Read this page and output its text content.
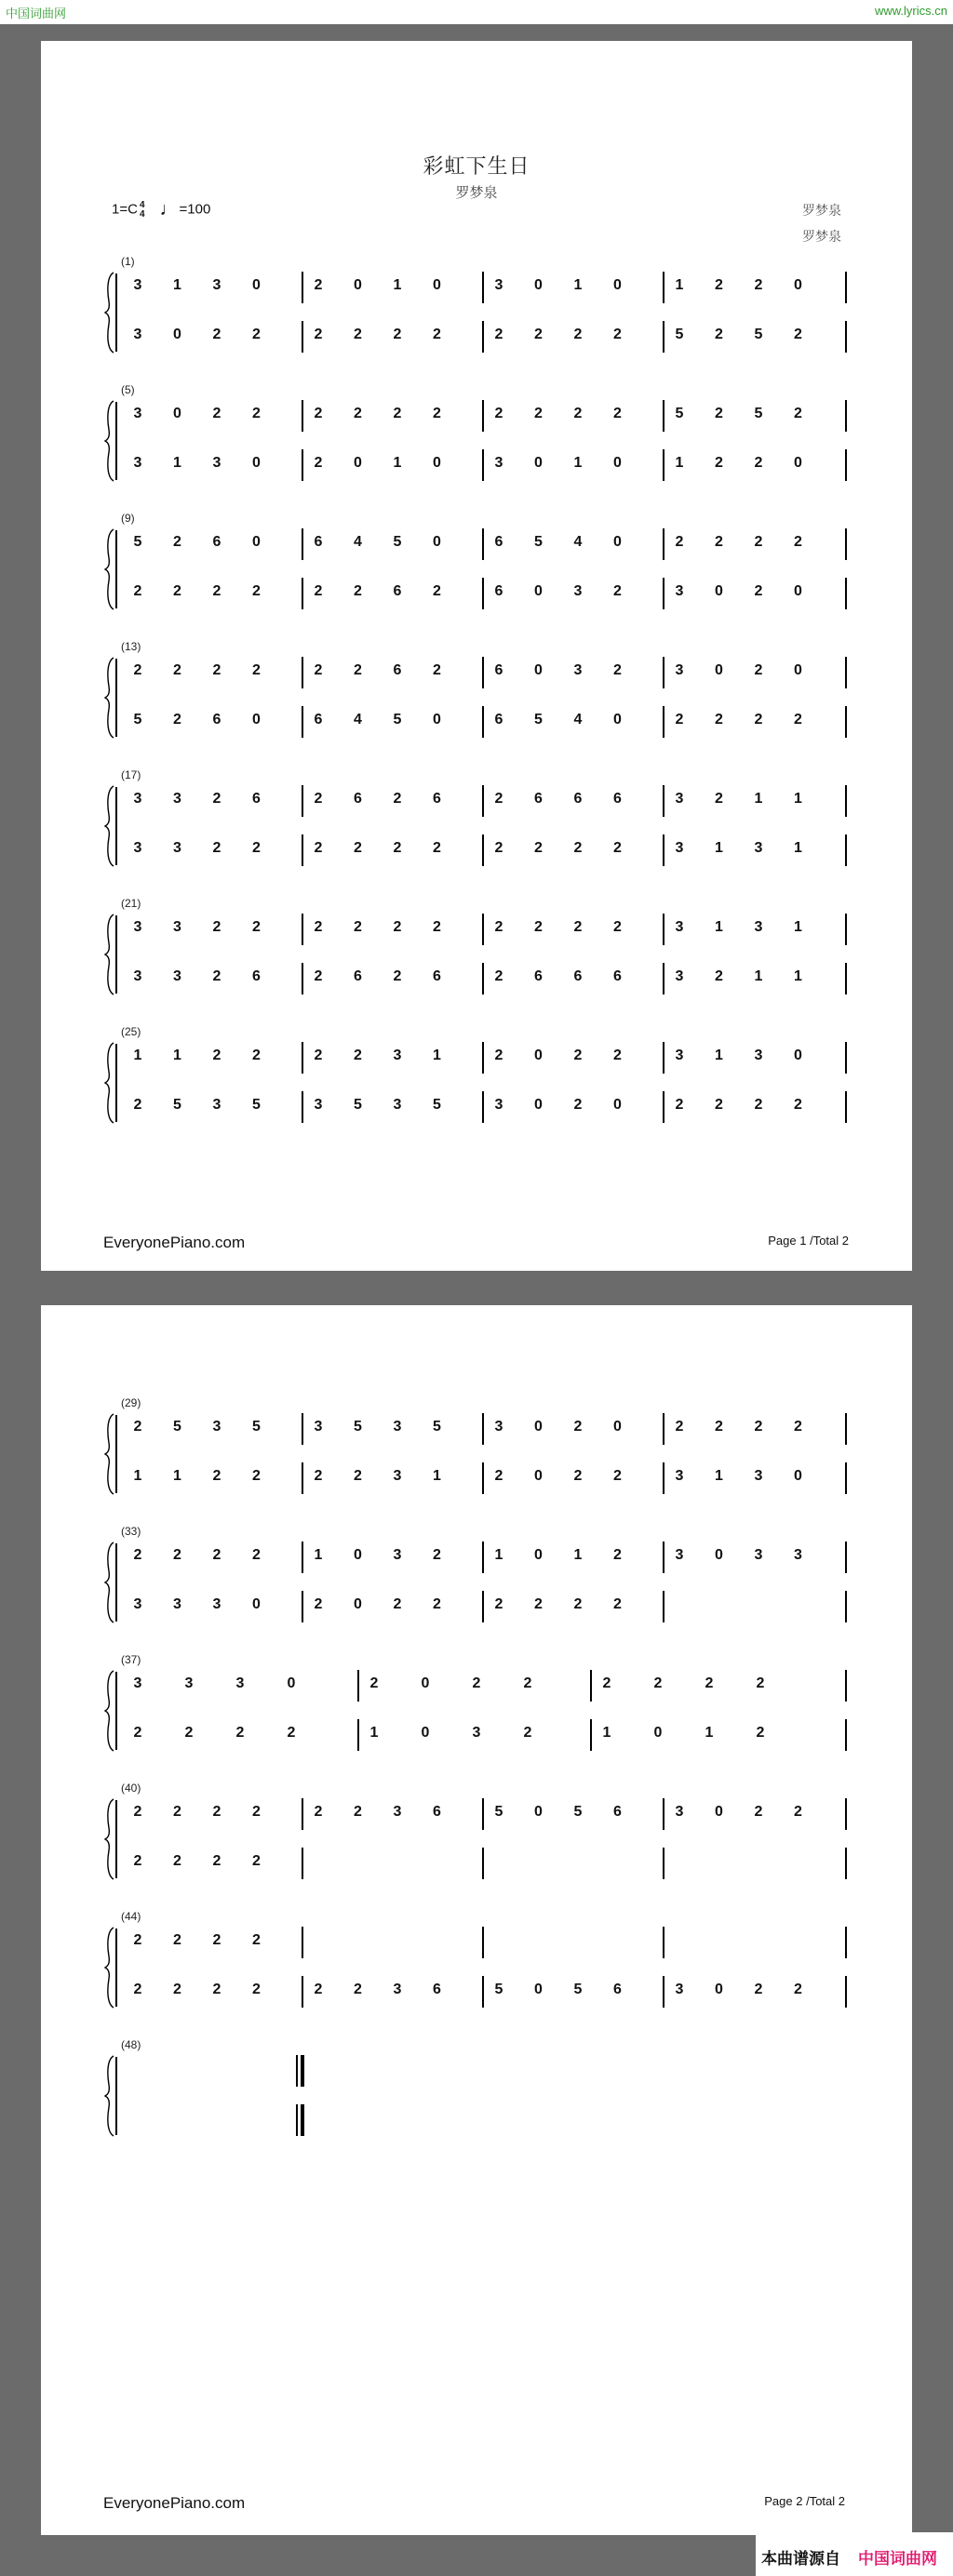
中国词曲网	www.lyrics.cn
彩虹下生日
罗梦泉
1=C 4
4 ♩=100	罗梦泉
罗梦泉
(1)
3	1	3	0	2	0	1	0	3	0	1	0	1	2	2	0
3	0	2	2	2	2	2	2	2	2	2	2	5	2	5	2
(5)
3	0	2	2	2	2	2	2	2	2	2	2	5	2	5	2
3	1	3	0	2	0	1	0	3	0	1	0	1	2	2	0
(9)
5	2	6	0	6	4	5	0	6	5	4	0	2	2	2	2
2	2	2	2	2	2	6	2	6	0	3	2	3	0	2	0
(13)
2	2	2	2	2	2	6	2	6	0	3	2	3	0	2	0
5	2	6	0	6	4	5	0	6	5	4	0	2	2	2	2
(17)
3	3	2	6	2	6	2	6	2	6	6	6	3	2	1	1
3	3	2	2	2	2	2	2	2	2	2	2	3	1	3	1
(21)
3	3	2	2	2	2	2	2	2	2	2	2	3	1	3	1
3	3	2	6	2	6	2	6	2	6	6	6	3	2	1	1
(25)
1	1	2	2	2	2	3	1	2	0	2	2	3	1	3	0
2	5	3	5	3	5	3	5	3	0	2	0	2	2	2	2
EveryonePiano.com	Page 1 /Total 2
(29)
2	5	3	5	3	5	3	5	3	0	2	0	2	2	2	2
1	1	2	2	2	2	3	1	2	0	2	2	3	1	3	0
(33)
2	2	2	2	1	0	3	2	1	0	1	2	3	0	3	3
3	3	3	0	2	0	2	2	2	2	2	2
(37)
3	3	3	0	2	0	2	2	2	2	2	2
2	2	2	2	1	0	3	2	1	0	1	2
(40)
2	2	2	2	2	2	3	6	5	0	5	6	3	0	2	2
2	2	2	2
(44)
2	2	2	2
2	2	2	2	2	2	3	6	5	0	5	6	3	0	2	2
(48)
EveryonePiano.com	Page 2 /Total 2
本曲谱源自 中国词曲网
